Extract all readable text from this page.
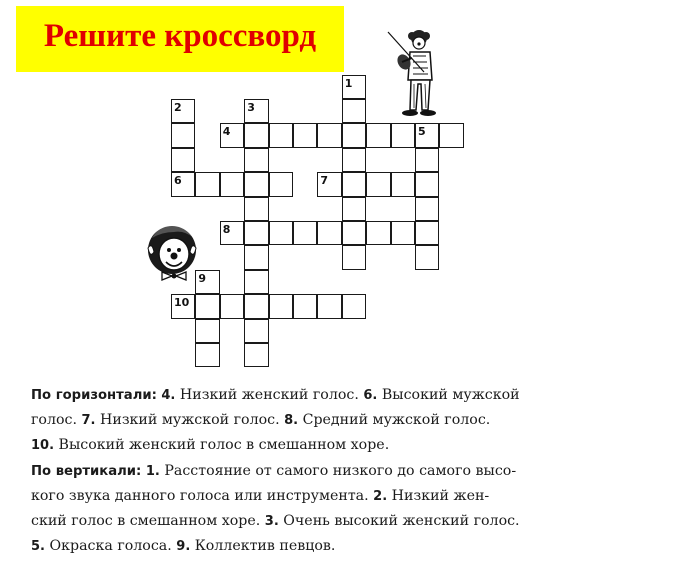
Решите кроссворд
1
2	3
4	5
6	7
8
9
10
По горизонтали: 4. Низкий женский голос. 6. Высокий мужской
голос. 7. Низкий мужской голос. 8. Средний мужской голос.
10. Высокий женский голос в смешанном хоре.
По вертикали: 1. Расстояние от самого низкого до самого высо-
кого звука данного голоса или инструмента. 2. Низкий жен-
ский голос в смешанном хоре. 3. Очень высокий женский голос.
5. Окраска голоса. 9. Коллектив певцов.
